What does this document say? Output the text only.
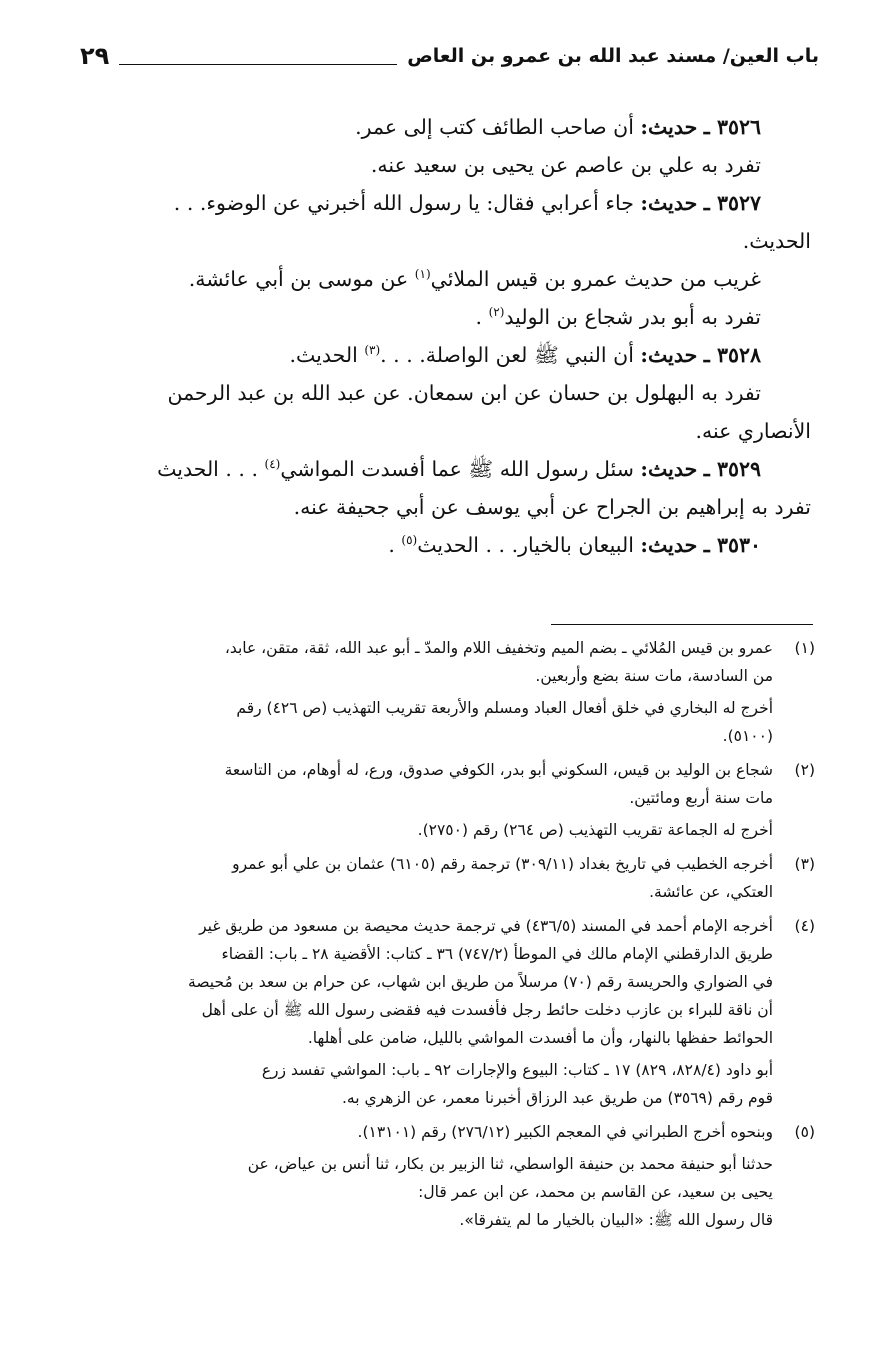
باب العين/ مسند عبد الله بن عمرو بن العاص
٢٩
٣٥٢٦ ـ حديث: أن صاحب الطائف كتب إلى عمر.
تفرد به علي بن عاصم عن يحيى بن سعيد عنه.
٣٥٢٧ ـ حديث: جاء أعرابي فقال: يا رسول الله أخبرني عن الوضوء. . .
الحديث.
غريب من حديث عمرو بن قيس الملائي$^{(١)}$ عن موسى بن أبي عائشة.
تفرد به أبو بدر شجاع بن الوليد$^{(٢)}$ .
٣٥٢٨ ـ حديث: أن النبي ﷺ لعن الواصلة. . . .$^{(٣)}$ الحديث.
تفرد به البهلول بن حسان عن ابن سمعان. عن عبد الله بن عبد الرحمن
الأنصاري عنه.
٣٥٢٩ ـ حديث: سئل رسول الله ﷺ عما أفسدت المواشي$^{(٤)}$ . . . الحديث
تفرد به إبراهيم بن الجراح عن أبي يوسف عن أبي جحيفة عنه.
٣٥٣٠ ـ حديث: البيعان بالخيار. . . الحديث$^{(٥)}$ .
(١)
عمرو بن قيس المُلائي ـ بضم الميم وتخفيف اللام والمدّ ـ أبو عبد الله، ثقة، متقن، عابد،
من السادسة، مات سنة بضع وأربعين.
أخرج له البخاري في خلق أفعال العباد ومسلم والأربعة تقريب التهذيب (ص ٤٢٦) رقم
(٥١٠٠).
(٢)
شجاع بن الوليد بن قيس، السكوني أبو بدر، الكوفي صدوق، ورع، له أوهام، من التاسعة
مات سنة أربع ومائتين.
أخرج له الجماعة تقريب التهذيب (ص ٢٦٤) رقم (٢٧٥٠).
(٣)
أخرجه الخطيب في تاريخ بغداد (٣٠٩/١١) ترجمة رقم (٦١٠٥) عثمان بن علي أبو عمرو
العتكي، عن عائشة.
(٤)
أخرجه الإمام أحمد في المسند (٤٣٦/٥) في ترجمة حديث محيصة بن مسعود من طريق غير
طريق الدارقطني الإمام مالك في الموطأ (٧٤٧/٢) ٣٦ ـ كتاب: الأقضية ٢٨ ـ باب: القضاء
في الضواري والحريسة رقم (٧٠) مرسلاً من طريق ابن شهاب، عن حرام بن سعد بن مُحيصة
أن ناقة للبراء بن عازب دخلت حائط رجل فأفسدت فيه فقضى رسول الله ﷺ أن على أهل
الحوائط حفظها بالنهار، وأن ما أفسدت المواشي بالليل، ضامن على أهلها.
أبو داود (٨٢٨/٤، ٨٢٩) ١٧ ـ كتاب: البيوع والإجارات ٩٢ ـ باب: المواشي تفسد زرع
قوم رقم (٣٥٦٩) من طريق عبد الرزاق أخبرنا معمر، عن الزهري به.
(٥)
وبنحوه أخرج الطبراني في المعجم الكبير (٢٧٦/١٢) رقم (١٣١٠١).
حدثنا أبو حنيفة محمد بن حنيفة الواسطي، ثنا الزبير بن بكار، ثنا أنس بن عياض، عن
يحيى بن سعيد، عن القاسم بن محمد، عن ابن عمر قال:
قال رسول الله ﷺ: «البيان بالخيار ما لم يتفرقا».
